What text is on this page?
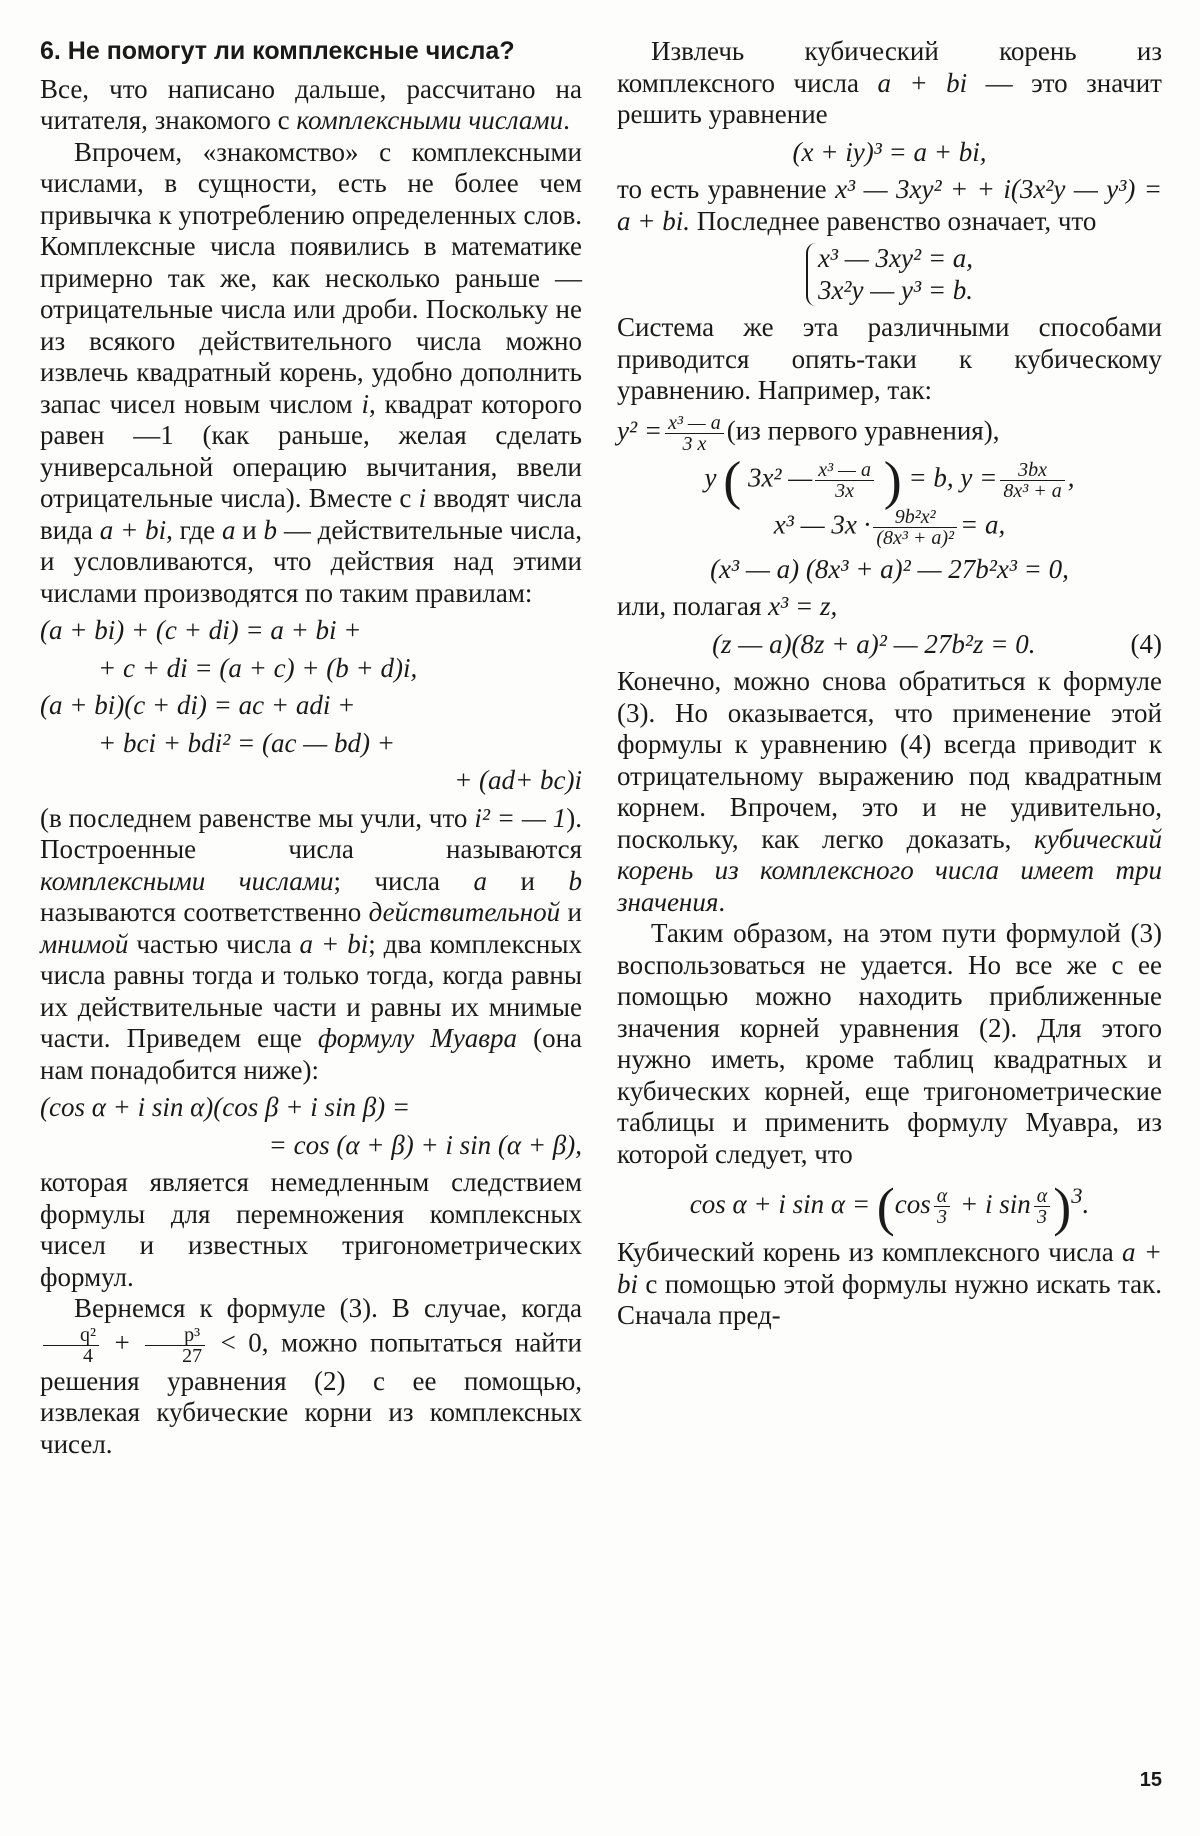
6. Не помогут ли комплексные числа?

Все, что написано дальше, рассчитано на читателя, знакомого с комплексными числами.

Впрочем, «знакомство» с комплексными числами, в сущности, есть не более чем привычка к употреблению определенных слов. Комплексные числа появились в математике примерно так же, как несколько раньше — отрицательные числа или дроби. Поскольку не из всякого действительного числа можно извлечь квадратный корень, удобно дополнить запас чисел новым числом i, квадрат которого равен —1 (как раньше, желая сделать универсальной операцию вычитания, ввели отрицательные числа). Вместе с i вводят числа вида a + bi, где a и b — действительные числа, и условливаются, что действия над этими числами производятся по таким правилам:

(a + bi) + (c + di) = a + bi +
+ c + di = (a + c) + (b + d)i,
(a + bi)(c + di) = ac + adi +
+ bci + bdi² = (ac — bd) +
+ (ad+ bc)i

(в последнем равенстве мы учли, что i² = — 1). Построенные числа называются комплексными числами; числа a и b называются соответственно действительной и мнимой частью числа a + bi; два комплексных числа равны тогда и только тогда, когда равны их действительные части и равны их мнимые части. Приведем еще формулу Муавра (она нам понадобится ниже):

(cos α + i sin α)(cos β + i sin β) =
= cos (α + β) + i sin (α + β),

которая является немедленным следствием формулы для перемножения комплексных чисел и известных тригонометрических формул.

Вернемся к формуле (3). В случае, когда
$\frac{\text{q²}}{4} + \frac{\text{p³}}{27} < 0$, можно попытаться найти решения уравнения (2) с ее помощью, извлекая кубические корни из комплексных чисел.

Извлечь кубический корень из комплексного числа a + bi — это значит решить уравнение

(x + iy)³ = a + bi,

то есть уравнение x³ — 3xy² + + i(3x²y — y³) = a + bi. Последнее равенство означает, что

x³ — 3xy² = a,
3x²y — y³ = b.

Система же эта различными способами приводится опять-таки к кубическому уравнению. Например, так:

$y^2 = \frac{\text{x³ — a}}{3 x} (из$ первого уравнения),
y ( 3x² — $\frac{\text{x³ — a}}{3x}$ ) = b, $y = \frac{3bx}{\text{8x³ + a}}$ ,
x³ — $3x \cdot \frac{\text{9b²x²}}{\text{(8x³ + a)²}} = a$,
(x³ — a) (8x³ + a)² — 27b²x³ = 0,
или, полагая x³ = z,
(4)
(z — a)(8z + a)² — 27b²z = 0.

Конечно, можно снова обратиться к формуле (3). Но оказывается, что применение этой формулы к уравнению (4) всегда приводит к отрицательному выражению под квадратным корнем. Впрочем, это и не удивительно, поскольку, как легко доказать, кубический корень из комплексного числа имеет три значения.

Таким образом, на этом пути формулой (3) воспользоваться не удается. Но все же с ее помощью можно находить приближенные значения корней уравнения (2). Для этого нужно иметь, кроме таблиц квадратных и кубических корней, еще тригонометрические таблицы и применить формулу Муавра, из которой следует, что

cos α + i $\sin \alpha = (\cos \frac{\alpha}{3} + i$ $\sin \frac{\alpha}{3} )^3$.

Кубический корень из комплексного числа a + bi с помощью этой формулы нужно искать так. Сначала пред-

15
